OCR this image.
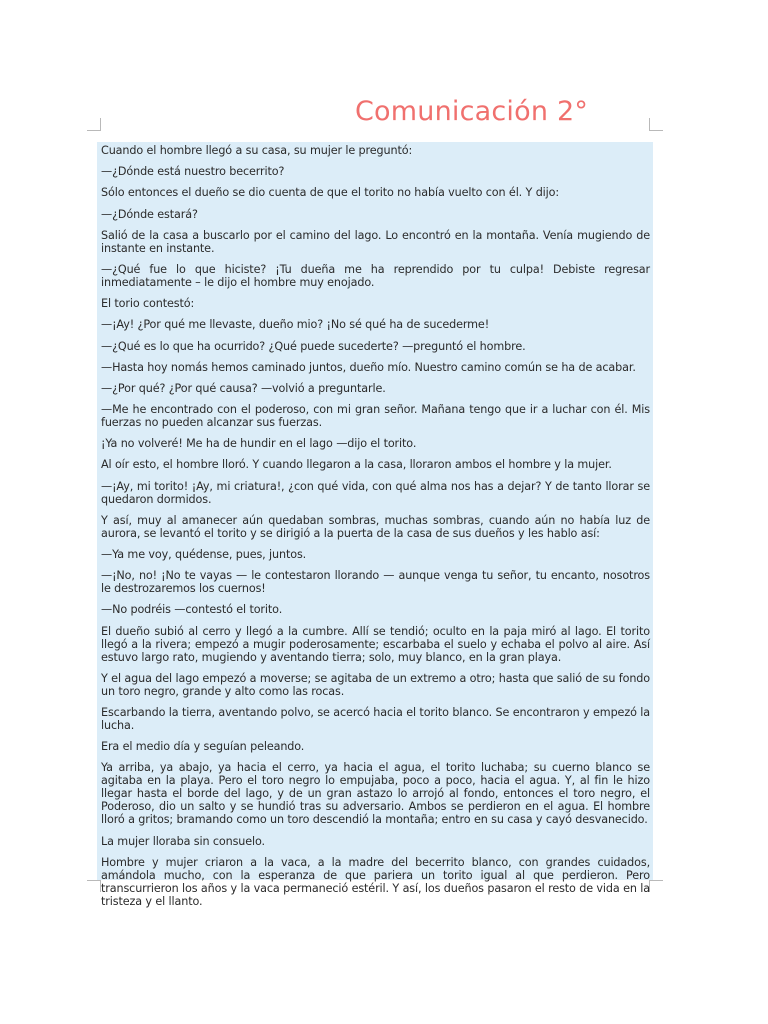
Comunicación 2°

Cuando el hombre llegó a su casa, su mujer le preguntó:

—¿Dónde está nuestro becerrito?

Sólo entonces el dueño se dio cuenta de que el torito no había vuelto con él. Y dijo:

—¿Dónde estará?

Salió de la casa a buscarlo por el camino del lago. Lo encontró en la montaña. Venía mugiendo de instante en instante.

—¿Qué fue lo que hiciste? ¡Tu dueña me ha reprendido por tu culpa! Debiste regresar inmediatamente – le dijo el hombre muy enojado.

El torio contestó:

—¡Ay! ¿Por qué me llevaste, dueño mio? ¡No sé qué ha de sucederme!

—¿Qué es lo que ha ocurrido? ¿Qué puede sucederte? —preguntó el hombre.

—Hasta hoy nomás hemos caminado juntos, dueño mío. Nuestro camino común se ha de acabar.

—¿Por qué? ¿Por qué causa? —volvió a preguntarle.

—Me he encontrado con el poderoso, con mi gran señor. Mañana tengo que ir a luchar con él. Mis fuerzas no pueden alcanzar sus fuerzas.

¡Ya no volveré! Me ha de hundir en el lago —dijo el torito.

Al oír esto, el hombre lloró. Y cuando llegaron a la casa, lloraron ambos el hombre y la mujer.

—¡Ay, mi torito! ¡Ay, mi criatura!, ¿con qué vida, con qué alma nos has a dejar? Y de tanto llorar se quedaron dormidos.

Y así, muy al amanecer aún quedaban sombras, muchas sombras, cuando aún no había luz de aurora, se levantó el torito y se dirigió a la puerta de la casa de sus dueños y les hablo así:

—Ya me voy, quédense, pues, juntos.

—¡No, no! ¡No te vayas — le contestaron llorando — aunque venga tu señor, tu encanto, nosotros le destrozaremos los cuernos!

—No podréis —contestó el torito.

El dueño subió al cerro y llegó a la cumbre. Allí se tendió; oculto en la paja miró al lago. El torito llegó a la rivera; empezó a mugir poderosamente; escarbaba el suelo y echaba el polvo al aire. Así estuvo largo rato, mugiendo y aventando tierra; solo, muy blanco, en la gran playa.

Y el agua del lago empezó a moverse; se agitaba de un extremo a otro; hasta que salió de su fondo un toro negro, grande y alto como las rocas.

Escarbando la tierra, aventando polvo, se acercó hacia el torito blanco. Se encontraron y empezó la lucha.

Era el medio día y seguían peleando.

Ya arriba, ya abajo, ya hacia el cerro, ya hacia el agua, el torito luchaba; su cuerno blanco se agitaba en la playa. Pero el toro negro lo empujaba, poco a poco, hacia el agua. Y, al fin le hizo llegar hasta el borde del lago, y de un gran astazo lo arrojó al fondo, entonces el toro negro, el Poderoso, dio un salto y se hundió tras su adversario. Ambos se perdieron en el agua. El hombre lloró a gritos; bramando como un toro descendió la montaña; entro en su casa y cayó desvanecido.

La mujer lloraba sin consuelo.

Hombre y mujer criaron a la vaca, a la madre del becerrito blanco, con grandes cuidados, amándola mucho, con la esperanza de que pariera un torito igual al que perdieron. Pero transcurrieron los años y la vaca permaneció estéril. Y así, los dueños pasaron el resto de vida en la tristeza y el llanto.
